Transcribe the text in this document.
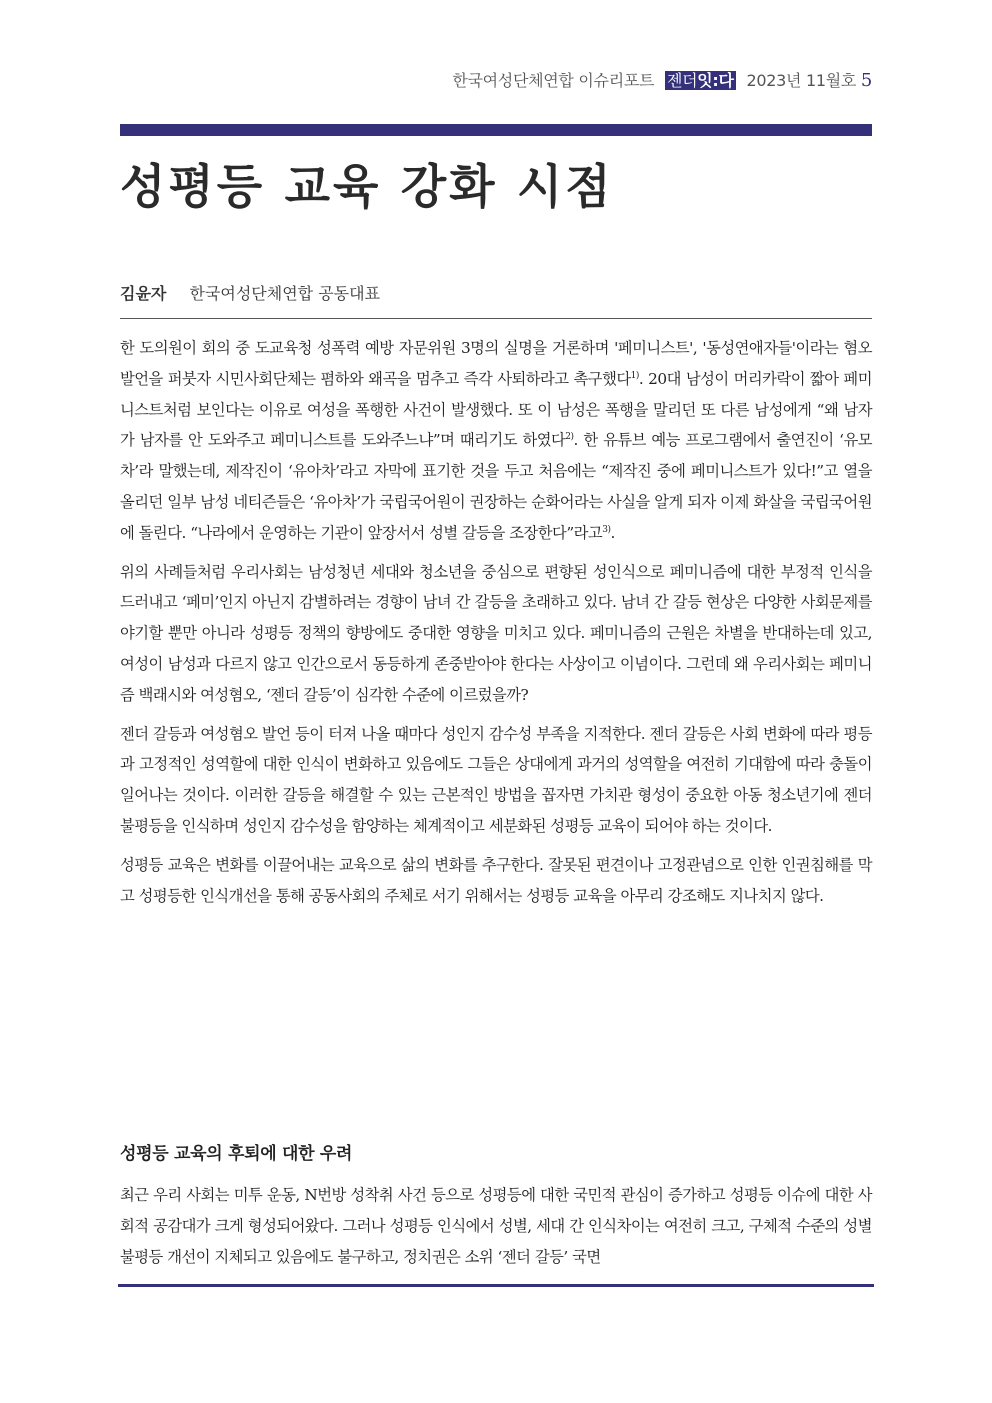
한국여성단체연합 이슈리포트 젠더잇:다 2023년 11월호 5
성평등 교육 강화 시점
김윤자 한국여성단체연합 공동대표

한 도의원이 회의 중 도교육청 성폭력 예방 자문위원 3명의 실명을 거론하며 '페미니스트', '동성연애자들'이라는 혐오 발언을 퍼붓자 시민사회단체는 폄하와 왜곡을 멈추고 즉각 사퇴하라고 촉구했다$^{1)}$. 20대 남성이 머리카락이 짧아 페미니스트처럼 보인다는 이유로 여성을 폭행한 사건이 발생했다. 또 이 남성은 폭행을 말리던 또 다른 남성에게 “왜 남자가 남자를 안 도와주고 페미니스트를 도와주느냐”며 때리기도 하였다$^{2)}$. 한 유튜브 예능 프로그램에서 출연진이 ‘유모차’라 말했는데, 제작진이 ‘유아차’라고 자막에 표기한 것을 두고 처음에는 “제작진 중에 페미니스트가 있다!”고 열을 올리던 일부 남성 네티즌들은 ‘유아차’가 국립국어원이 권장하는 순화어라는 사실을 알게 되자 이제 화살을 국립국어원에 돌린다. “나라에서 운영하는 기관이 앞장서서 성별 갈등을 조장한다”라고$^{3)}$.

위의 사례들처럼 우리사회는 남성청년 세대와 청소년을 중심으로 편향된 성인식으로 페미니즘에 대한 부정적 인식을 드러내고 ‘페미’인지 아닌지 감별하려는 경향이 남녀 간 갈등을 초래하고 있다. 남녀 간 갈등 현상은 다양한 사회문제를 야기할 뿐만 아니라 성평등 정책의 향방에도 중대한 영향을 미치고 있다. 페미니즘의 근원은 차별을 반대하는데 있고, 여성이 남성과 다르지 않고 인간으로서 동등하게 존중받아야 한다는 사상이고 이념이다. 그런데 왜 우리사회는 페미니즘 백래시와 여성혐오, ‘젠더 갈등’이 심각한 수준에 이르렀을까?

젠더 갈등과 여성혐오 발언 등이 터져 나올 때마다 성인지 감수성 부족을 지적한다. 젠더 갈등은 사회 변화에 따라 평등과 고정적인 성역할에 대한 인식이 변화하고 있음에도 그들은 상대에게 과거의 성역할을 여전히 기대함에 따라 충돌이 일어나는 것이다. 이러한 갈등을 해결할 수 있는 근본적인 방법을 꼽자면 가치관 형성이 중요한 아동 청소년기에 젠더 불평등을 인식하며 성인지 감수성을 함양하는 체계적이고 세분화된 성평등 교육이 되어야 하는 것이다.

성평등 교육은 변화를 이끌어내는 교육으로 삶의 변화를 추구한다. 잘못된 편견이나 고정관념으로 인한 인권침해를 막고 성평등한 인식개선을 통해 공동사회의 주체로 서기 위해서는 성평등 교육을 아무리 강조해도 지나치지 않다.

성평등 교육의 후퇴에 대한 우려

최근 우리 사회는 미투 운동, N번방 성착취 사건 등으로 성평등에 대한 국민적 관심이 증가하고 성평등 이슈에 대한 사회적 공감대가 크게 형성되어왔다. 그러나 성평등 인식에서 성별, 세대 간 인식차이는 여전히 크고, 구체적 수준의 성별 불평등 개선이 지체되고 있음에도 불구하고, 정치권은 소위 ‘젠더 갈등’ 국면
